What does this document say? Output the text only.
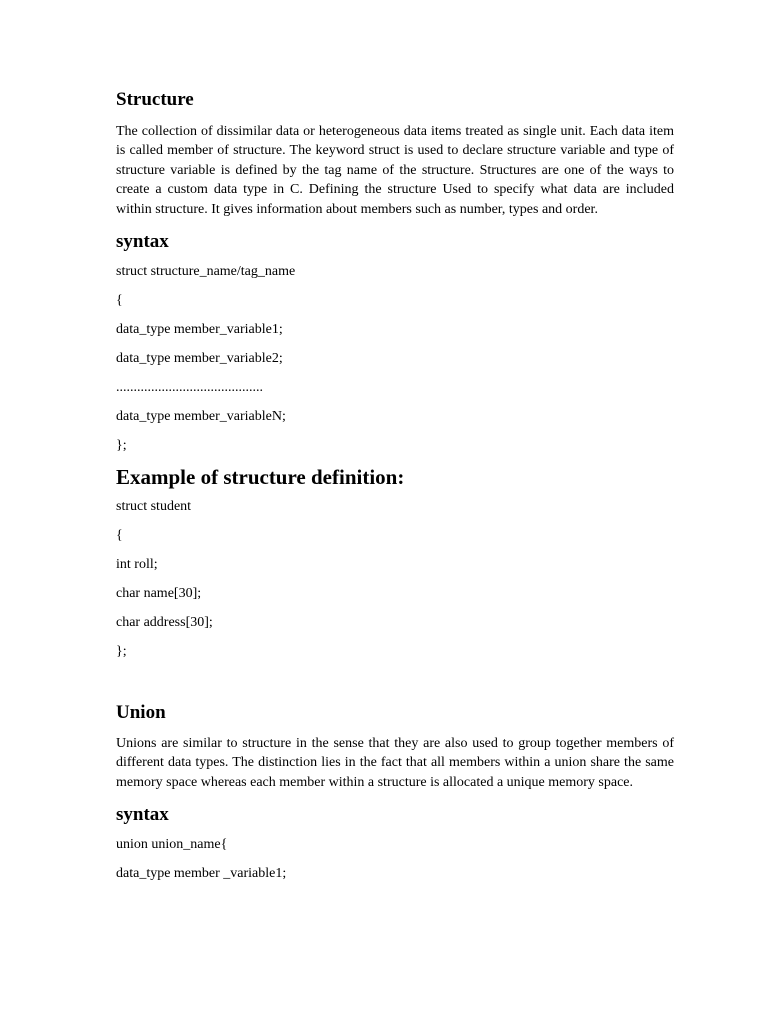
Structure

The collection of dissimilar data or heterogeneous data items treated as single unit. Each data item is called member of structure. The keyword struct is used to declare structure variable and type of structure variable is defined by the tag name of the structure. Structures are one of the ways to create a custom data type in C. Defining the structure Used to specify what data are included within structure. It gives information about members such as number, types and order.

syntax

struct structure_name/tag_name

{

data_type member_variable1;

data_type member_variable2;

..........................................

data_type member_variableN;

};

Example of structure definition:

struct student

{

int roll;

char name[30];

char address[30];

};

Union

Unions are similar to structure in the sense that they are also used to group together members of different data types. The distinction lies in the fact that all members within a union share the same memory space whereas each member within a structure is allocated a unique memory space.

syntax

union union_name{

data_type member _variable1;
